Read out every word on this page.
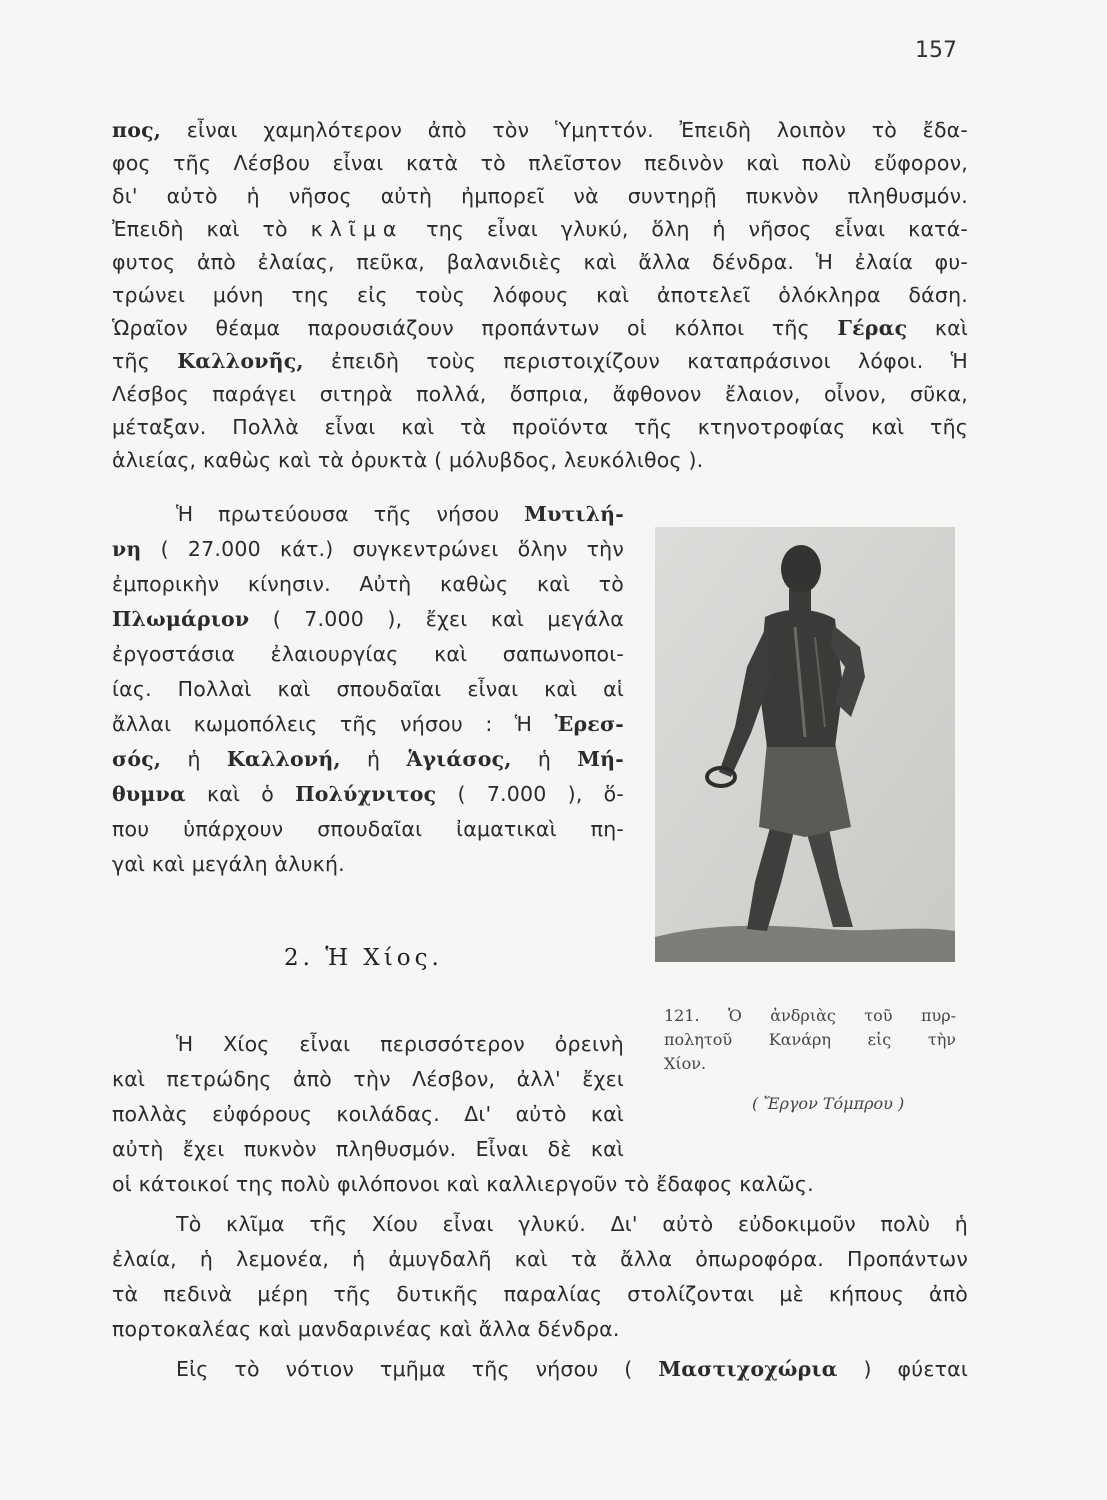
157
πος, εἶναι χαμηλότερον ἀπὸ τὸν Ὑμηττόν. Ἐπειδὴ λοιπὸν τὸ ἔδα-
φος τῆς Λέσβου εἶναι κατὰ τὸ πλεῖστον πεδινὸν καὶ πολὺ εὔφορον,
δι' αὐτὸ ἡ νῆσος αὐτὴ ἠμπορεῖ νὰ συντηρῇ πυκνὸν πληθυσμόν.
Ἐπειδὴ καὶ τὸ κλῖμα της εἶναι γλυκύ, ὅλη ἡ νῆσος εἶναι κατά-
φυτος ἀπὸ ἐλαίας, πεῦκα, βαλανιδιὲς καὶ ἄλλα δένδρα. Ἡ ἐλαία φυ-
τρώνει μόνη της εἰς τοὺς λόφους καὶ ἀποτελεῖ ὁλόκληρα δάση.
Ὡραῖον θέαμα παρουσιάζουν προπάντων οἱ κόλποι τῆς Γέρας καὶ
τῆς Καλλονῆς, ἐπειδὴ τοὺς περιστοιχίζουν καταπράσινοι λόφοι. Ἡ
Λέσβος παράγει σιτηρὰ πολλά, ὄσπρια, ἄφθονον ἔλαιον, οἶνον, σῦκα,
μέταξαν. Πολλὰ εἶναι καὶ τὰ προϊόντα τῆς κτηνοτροφίας καὶ τῆς
ἁλιείας, καθὼς καὶ τὰ ὀρυκτὰ ( μόλυβδος, λευκόλιθος ).
Ἡ πρωτεύουσα τῆς νήσου Μυτιλή-
νη ( 27.000 κάτ.) συγκεντρώνει ὅλην τὴν
ἐμπορικὴν κίνησιν. Αὐτὴ καθὼς καὶ τὸ
Πλωμάριον ( 7.000 ), ἔχει καὶ μεγάλα
ἐργοστάσια ἐλαιουργίας καὶ σαπωνοποι-
ίας. Πολλαὶ καὶ σπουδαῖαι εἶναι καὶ αἱ
ἄλλαι κωμοπόλεις τῆς νήσου : Ἡ Ἐρεσ-
σός, ἡ Καλλονή, ἡ Ἁγιάσος, ἡ Μή-
θυμνα καὶ ὁ Πολύχνιτος ( 7.000 ), ὅ-
που ὑπάρχουν σπουδαῖαι ἰαματικαὶ πη-
γαὶ καὶ μεγάλη ἁλυκή.
2. Ἡ Χίος.
121. Ὁ ἀνδριὰς τοῦ πυρ-
πολητοῦ Κανάρη εἰς τὴν
Χίον.
( Ἔργον Τόμπρου )
Ἡ Χίος εἶναι περισσότερον ὀρεινὴ
καὶ πετρώδης ἀπὸ τὴν Λέσβον, ἀλλ' ἔχει
πολλὰς εὐφόρους κοιλάδας. Δι' αὐτὸ καὶ
αὐτὴ ἔχει πυκνὸν πληθυσμόν. Εἶναι δὲ καὶ
οἱ κάτοικοί της πολὺ φιλόπονοι καὶ καλλιεργοῦν τὸ ἔδαφος καλῶς.
Τὸ κλῖμα τῆς Χίου εἶναι γλυκύ. Δι' αὐτὸ εὐδοκιμοῦν πολὺ ἡ
ἐλαία, ἡ λεμονέα, ἡ ἀμυγδαλῆ καὶ τὰ ἄλλα ὀπωροφόρα. Προπάντων
τὰ πεδινὰ μέρη τῆς δυτικῆς παραλίας στολίζονται μὲ κήπους ἀπὸ
πορτοκαλέας καὶ μανδαρινέας καὶ ἄλλα δένδρα.
Εἰς τὸ νότιον τμῆμα τῆς νήσου ( Μαστιχοχώρια ) φύεται
